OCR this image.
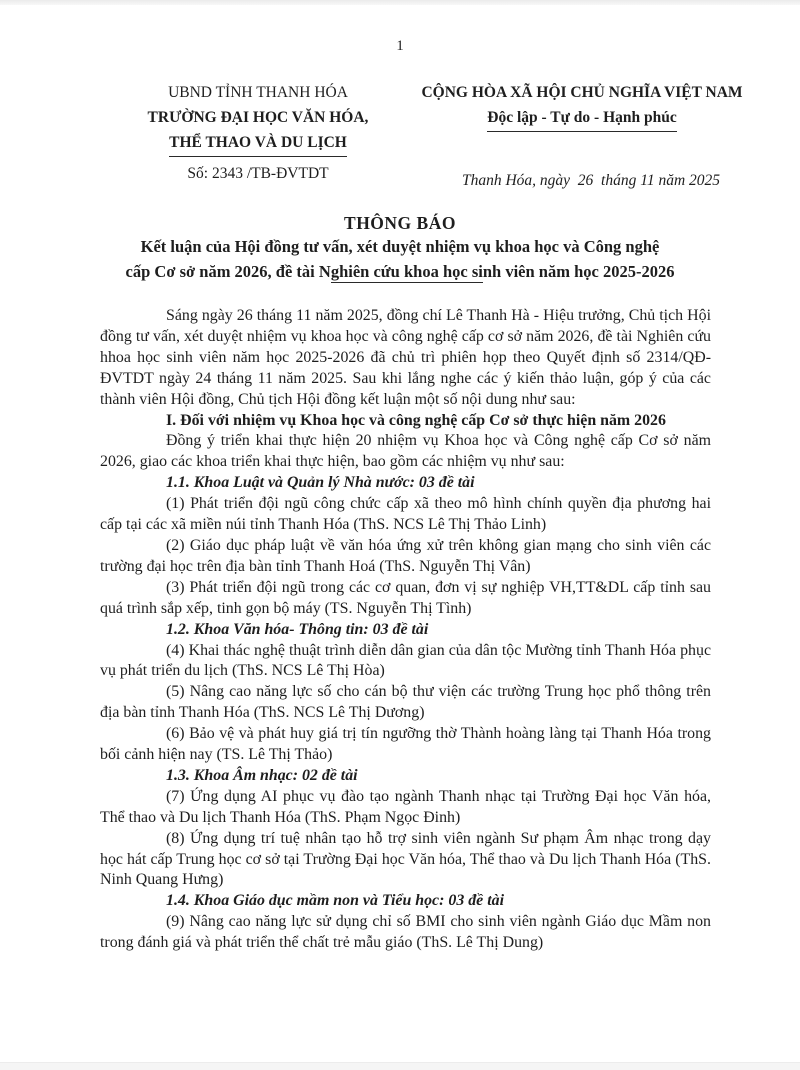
1
UBND TỈNH THANH HÓA
TRƯỜNG ĐẠI HỌC VĂN HÓA,
THỂ THAO VÀ DU LỊCH
Số: 2343 /TB-ĐVTDT
CỘNG HÒA XÃ HỘI CHỦ NGHĨA VIỆT NAM
Độc lập - Tự do - Hạnh phúc
Thanh Hóa, ngày  26  tháng 11 năm 2025
THÔNG BÁO
Kết luận của Hội đồng tư vấn, xét duyệt nhiệm vụ khoa học và Công nghệ
cấp Cơ sở năm 2026, đề tài Nghiên cứu khoa học sinh viên năm học 2025-2026

Sáng ngày 26 tháng 11 năm 2025, đồng chí Lê Thanh Hà - Hiệu trưởng, Chủ tịch Hội đồng tư vấn, xét duyệt nhiệm vụ khoa học và công nghệ cấp cơ sở năm 2026, đề tài Nghiên cứu hhoa học sinh viên năm học 2025-2026 đã chủ trì phiên họp theo Quyết định số 2314/QĐ-ĐVTDT ngày 24 tháng 11 năm 2025. Sau khi lắng nghe các ý kiến thảo luận, góp ý của các thành viên Hội đồng, Chủ tịch Hội đồng kết luận một số nội dung như sau:

I. Đối với nhiệm vụ Khoa học và công nghệ cấp Cơ sở thực hiện năm 2026

Đồng ý triển khai thực hiện 20 nhiệm vụ Khoa học và Công nghệ cấp Cơ sở năm 2026, giao các khoa triển khai thực hiện, bao gồm các nhiệm vụ như sau:

1.1. Khoa Luật và Quản lý Nhà nước: 03 đề tài

(1) Phát triển đội ngũ công chức cấp xã theo mô hình chính quyền địa phương hai cấp tại các xã miền núi tỉnh Thanh Hóa (ThS. NCS Lê Thị Thảo Linh)

(2) Giáo dục pháp luật về văn hóa ứng xử trên không gian mạng cho sinh viên các trường đại học trên địa bàn tỉnh Thanh Hoá (ThS. Nguyễn Thị Vân)

(3) Phát triển đội ngũ trong các cơ quan, đơn vị sự nghiệp VH,TT&DL cấp tỉnh sau quá trình sắp xếp, tinh gọn bộ máy (TS. Nguyễn Thị Tình)

1.2. Khoa Văn hóa- Thông tin: 03 đề tài

(4) Khai thác nghệ thuật trình diễn dân gian của dân tộc Mường tỉnh Thanh Hóa phục vụ phát triển du lịch (ThS. NCS Lê Thị Hòa)

(5) Nâng cao năng lực số cho cán bộ thư viện các trường Trung học phổ thông trên địa bàn tỉnh Thanh Hóa (ThS. NCS Lê Thị Dương)

(6) Bảo vệ và phát huy giá trị tín ngưỡng thờ Thành hoàng làng tại Thanh Hóa trong bối cảnh hiện nay (TS. Lê Thị Thảo)

1.3. Khoa Âm nhạc: 02 đề tài

(7) Ứng dụng AI phục vụ đào tạo ngành Thanh nhạc tại Trường Đại học Văn hóa, Thể thao và Du lịch Thanh Hóa (ThS. Phạm Ngọc Đinh)

(8) Ứng dụng trí tuệ nhân tạo hỗ trợ sinh viên ngành Sư phạm Âm nhạc trong dạy học hát cấp Trung học cơ sở tại Trường Đại học Văn hóa, Thể thao và Du lịch Thanh Hóa (ThS. Ninh Quang Hưng)

1.4. Khoa Giáo dục mầm non và Tiểu học: 03 đề tài

(9) Nâng cao năng lực sử dụng chỉ số BMI cho sinh viên ngành Giáo dục Mầm non trong đánh giá và phát triển thể chất trẻ mẫu giáo (ThS. Lê Thị Dung)
